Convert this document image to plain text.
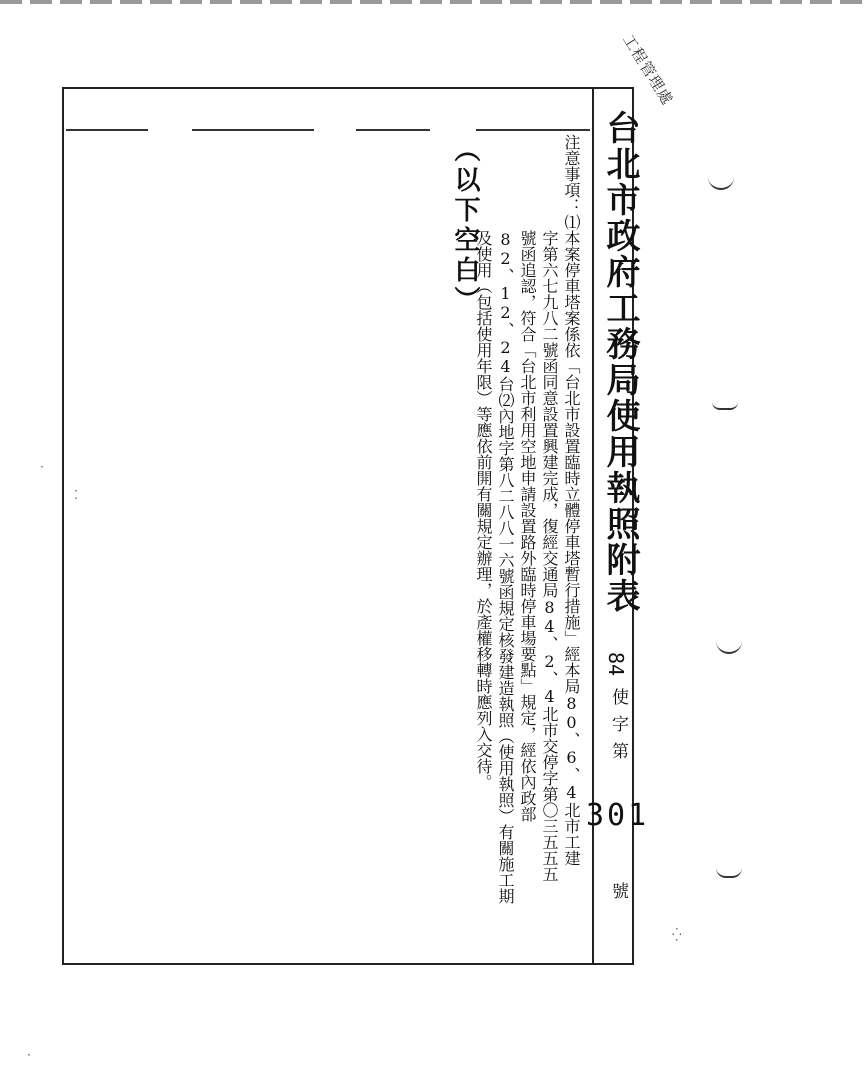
台北市政府工務局使用執照附表
84
使字第
301
號
注意事項：⑴本案停車塔案係依「台北市設置臨時立體停車塔暫行措施」經本局80、6、4北市工建
字第六七九八二號函同意設置興建完成，復經交通局84、2、4北市交停字第〇三五五五
號函追認，符合「台北市利用空地申請設置路外臨時停車場要點」規定，經依內政部
82、12、24台⑵內地字第八二八八一六號函規定核發建造執照（使用執照）有關施工期
及使用（包括使用年限）等應依前開有關規定辦理，於產權移轉時應列入交待。
（以下空白）
工程管理處
⁚
·
⁛
·
